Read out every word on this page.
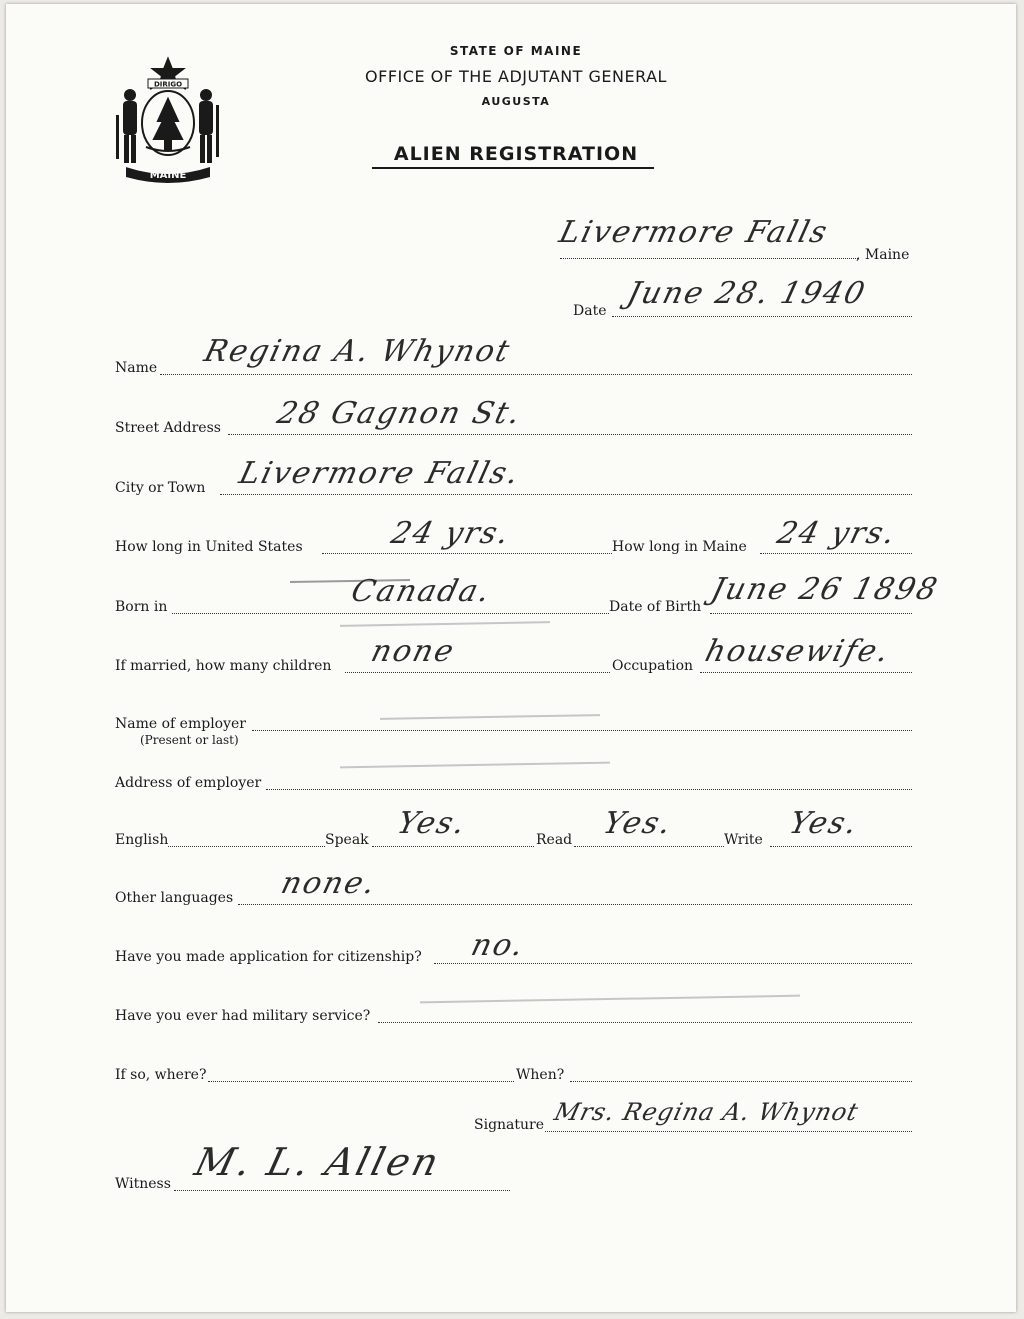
MAINE
DIRIGO
STATE OF MAINE
OFFICE OF THE ADJUTANT GENERAL
AUGUSTA
ALIEN REGISTRATION
Livermore Falls
, Maine
Date June 28. 1940
Name Regina A. Whynot
Street Address 28 Gagnon St.
City or Town Livermore Falls.
How long in United States	24 yrs.	How long in Maine 24 yrs.
Born in	Canada.	Date of Birth June 26 1898
If married, how many children none	Occupation housewife.
Name of employer
(Present or last)
Address of employer
English	Speak Yes.	Read Yes.	Write Yes.
Other languages none.
Have you made application for citizenship? no.
Have you ever had military service?
If so, where?	When?
Signature Mrs. Regina A. Whynot
Witness M. L. Allen
